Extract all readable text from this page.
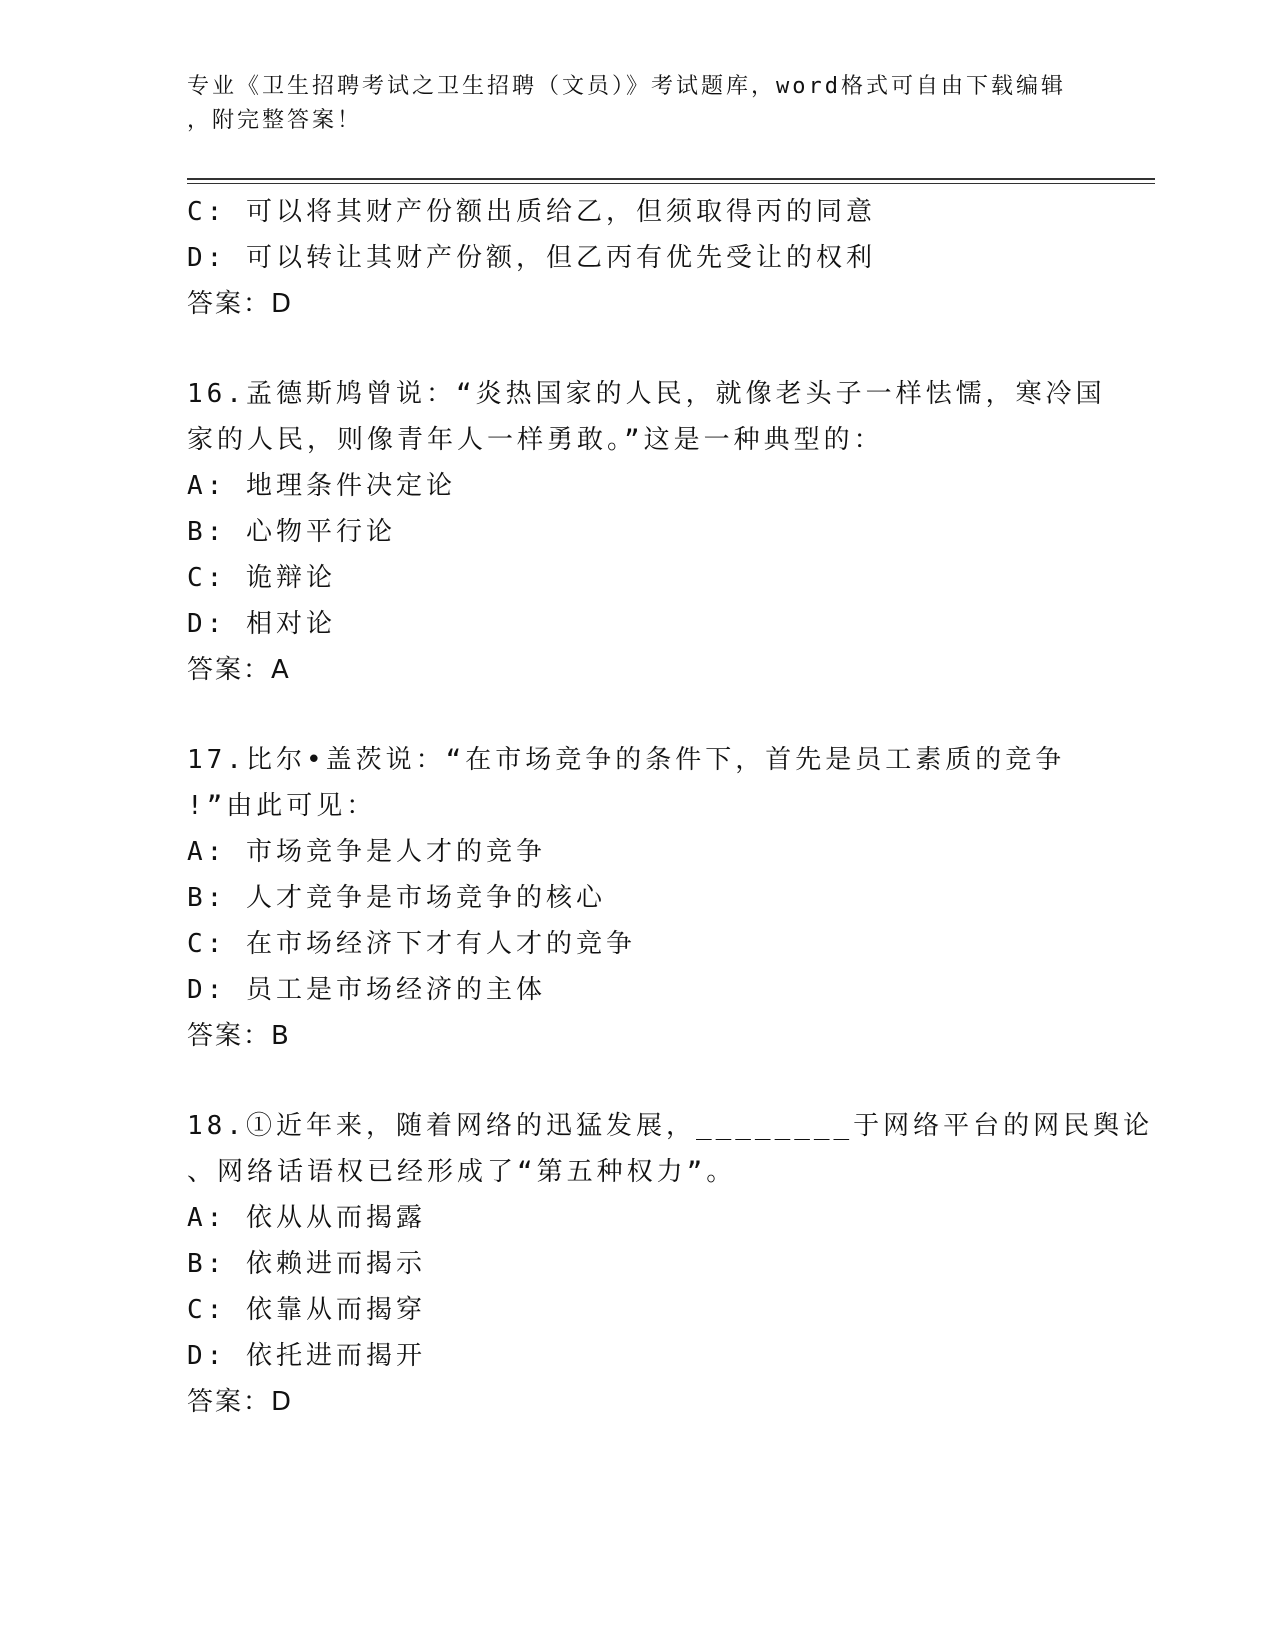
专业《卫生招聘考试之卫生招聘（文员）》考试题库，word格式可自由下载编辑
，附完整答案！
C: 可以将其财产份额出质给乙，但须取得丙的同意
D: 可以转让其财产份额，但乙丙有优先受让的权利
答案：D
16.孟德斯鸠曾说：“炎热国家的人民，就像老头子一样怯懦，寒冷国
家的人民，则像青年人一样勇敢。”这是一种典型的：
A: 地理条件决定论
B: 心物平行论
C: 诡辩论
D: 相对论
答案：A
17.比尔•盖茨说：“在市场竞争的条件下，首先是员工素质的竞争
!”由此可见：
A: 市场竞争是人才的竞争
B: 人才竞争是市场竞争的核心
C: 在市场经济下才有人才的竞争
D: 员工是市场经济的主体
答案：B
18.①近年来，随着网络的迅猛发展，________于网络平台的网民舆论
、网络话语权已经形成了“第五种权力”。
A: 依从从而揭露
B: 依赖进而揭示
C: 依靠从而揭穿
D: 依托进而揭开
答案：D
